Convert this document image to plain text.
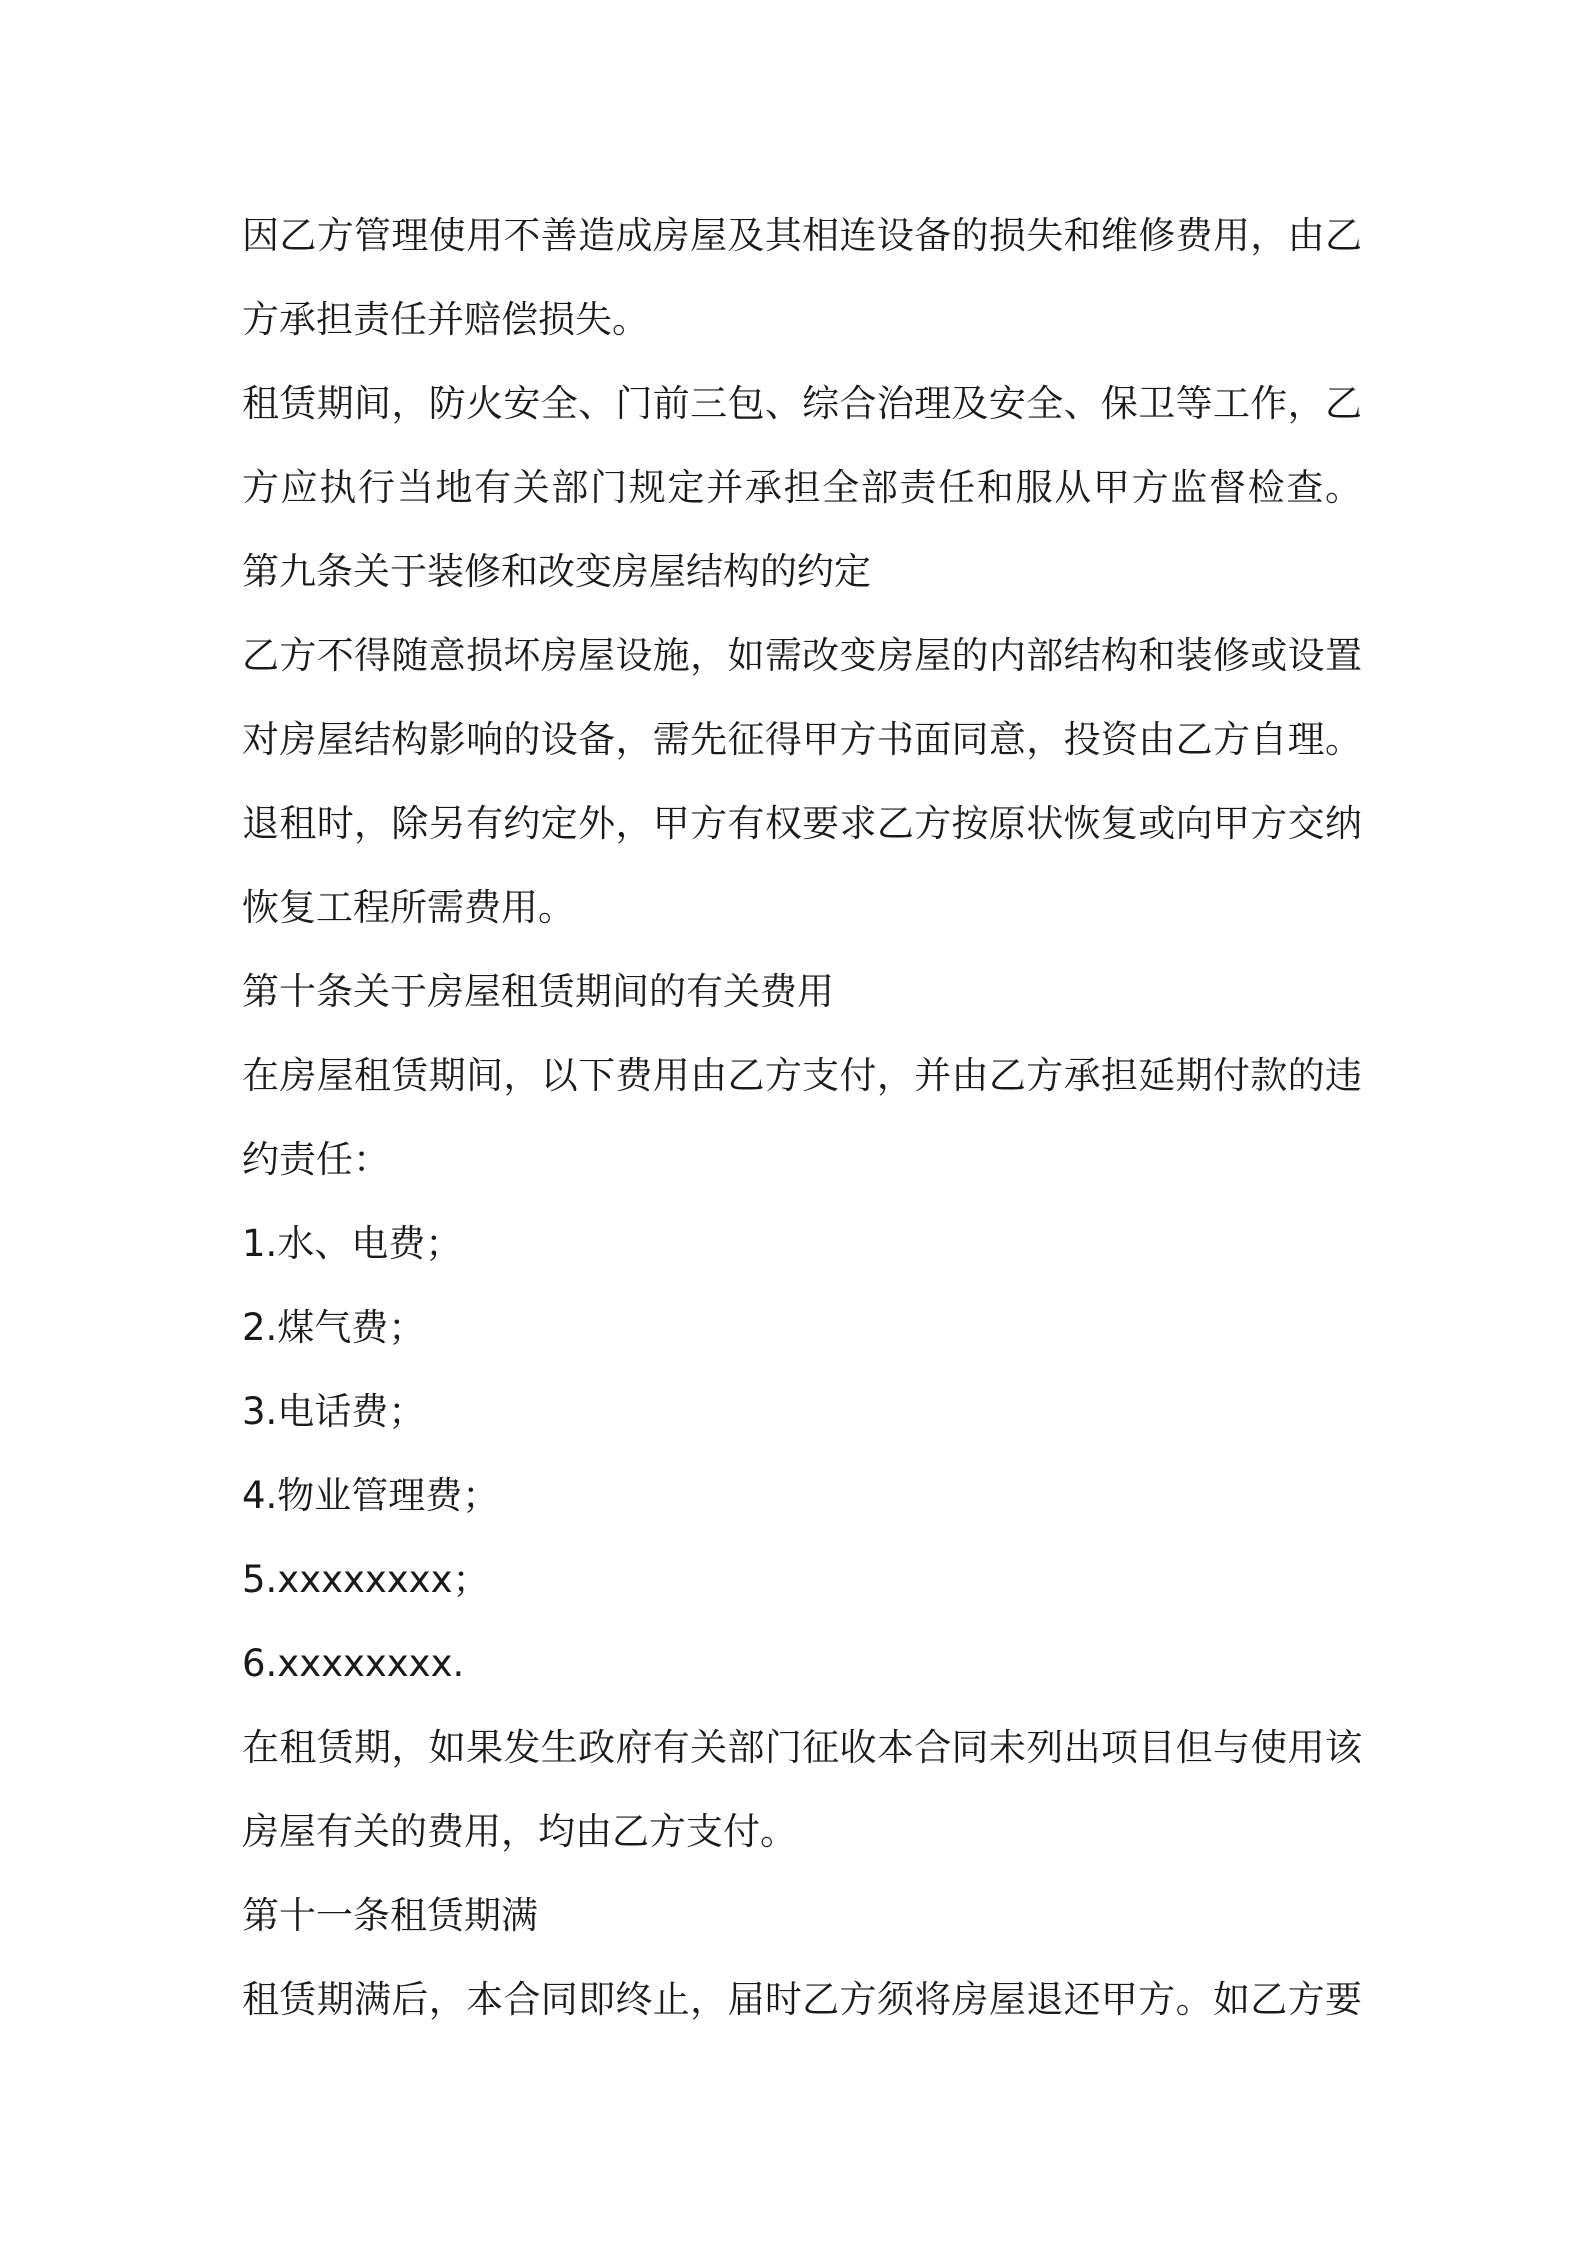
因乙方管理使用不善造成房屋及其相连设备的损失和维修费用，由乙
方承担责任并赔偿损失。
租赁期间，防火安全、门前三包、综合治理及安全、保卫等工作，乙
方应执行当地有关部门规定并承担全部责任和服从甲方监督检查。
第九条关于装修和改变房屋结构的约定
乙方不得随意损坏房屋设施，如需改变房屋的内部结构和装修或设置
对房屋结构影响的设备，需先征得甲方书面同意，投资由乙方自理。
退租时，除另有约定外，甲方有权要求乙方按原状恢复或向甲方交纳
恢复工程所需费用。
第十条关于房屋租赁期间的有关费用
在房屋租赁期间，以下费用由乙方支付，并由乙方承担延期付款的违
约责任：
1.水、电费；
2.煤气费；
3.电话费；
4.物业管理费；
5.xxxxxxxx；
6.xxxxxxxx.
在租赁期，如果发生政府有关部门征收本合同未列出项目但与使用该
房屋有关的费用，均由乙方支付。
第十一条租赁期满
租赁期满后，本合同即终止，届时乙方须将房屋退还甲方。如乙方要
